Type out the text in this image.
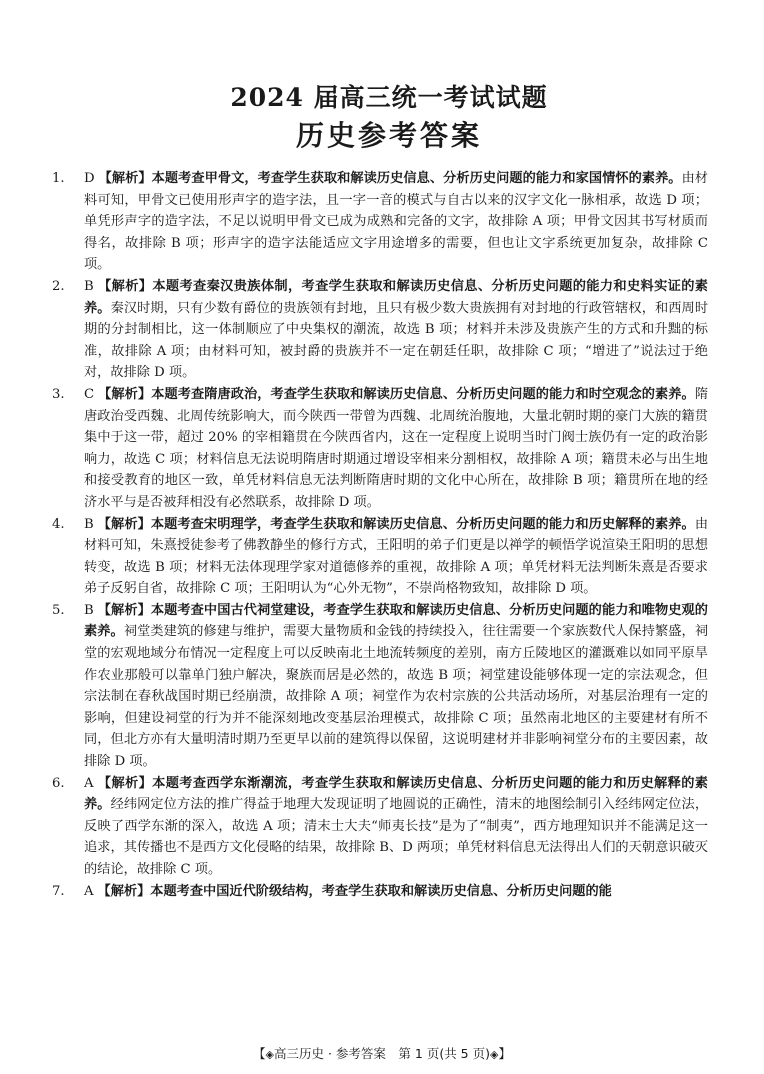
2024 届高三统一考试试题
历史参考答案

1. D 【解析】本题考查甲骨文，考查学生获取和解读历史信息、分析历史问题的能力和家国情怀的素养。由材料可知，甲骨文已使用形声字的造字法，且一字一音的模式与自古以来的汉字文化一脉相承，故选 D 项；单凭形声字的造字法，不足以说明甲骨文已成为成熟和完备的文字，故排除 A 项；甲骨文因其书写材质而得名，故排除 B 项；形声字的造字法能适应文字用途增多的需要，但也让文字系统更加复杂，故排除 C 项。

2. B 【解析】本题考查秦汉贵族体制，考查学生获取和解读历史信息、分析历史问题的能力和史料实证的素养。秦汉时期，只有少数有爵位的贵族领有封地，且只有极少数大贵族拥有对封地的行政管辖权，和西周时期的分封制相比，这一体制顺应了中央集权的潮流，故选 B 项；材料并未涉及贵族产生的方式和升黜的标准，故排除 A 项；由材料可知，被封爵的贵族并不一定在朝廷任职，故排除 C 项；“增进了”说法过于绝对，故排除 D 项。

3. C 【解析】本题考查隋唐政治，考查学生获取和解读历史信息、分析历史问题的能力和时空观念的素养。隋唐政治受西魏、北周传统影响大，而今陕西一带曾为西魏、北周统治腹地，大量北朝时期的豪门大族的籍贯集中于这一带，超过 20% 的宰相籍贯在今陕西省内，这在一定程度上说明当时门阀士族仍有一定的政治影响力，故选 C 项；材料信息无法说明隋唐时期通过增设宰相来分割相权，故排除 A 项；籍贯未必与出生地和接受教育的地区一致，单凭材料信息无法判断隋唐时期的文化中心所在，故排除 B 项；籍贯所在地的经济水平与是否被拜相没有必然联系，故排除 D 项。

4. B 【解析】本题考查宋明理学，考查学生获取和解读历史信息、分析历史问题的能力和历史解释的素养。由材料可知，朱熹授徒参考了佛教静坐的修行方式，王阳明的弟子们更是以禅学的顿悟学说渲染王阳明的思想转变，故选 B 项；材料无法体现理学家对道德修养的重视，故排除 A 项；单凭材料无法判断朱熹是否要求弟子反躬自省，故排除 C 项；王阳明认为“心外无物”，不崇尚格物致知，故排除 D 项。

5. B 【解析】本题考查中国古代祠堂建设，考查学生获取和解读历史信息、分析历史问题的能力和唯物史观的素养。祠堂类建筑的修建与维护，需要大量物质和金钱的持续投入，往往需要一个家族数代人保持繁盛，祠堂的宏观地域分布情况一定程度上可以反映南北土地流转频度的差别，南方丘陵地区的灌溉难以如同平原旱作农业那般可以靠单门独户解决，聚族而居是必然的，故选 B 项；祠堂建设能够体现一定的宗法观念，但宗法制在春秋战国时期已经崩溃，故排除 A 项；祠堂作为农村宗族的公共活动场所，对基层治理有一定的影响，但建设祠堂的行为并不能深刻地改变基层治理模式，故排除 C 项；虽然南北地区的主要建材有所不同，但北方亦有大量明清时期乃至更早以前的建筑得以保留，这说明建材并非影响祠堂分布的主要因素，故排除 D 项。

6. A 【解析】本题考查西学东渐潮流，考查学生获取和解读历史信息、分析历史问题的能力和历史解释的素养。经纬网定位方法的推广得益于地理大发现证明了地圆说的正确性，清末的地图绘制引入经纬网定位法，反映了西学东渐的深入，故选 A 项；清末士大夫“师夷长技”是为了“制夷”，西方地理知识并不能满足这一追求，其传播也不是西方文化侵略的结果，故排除 B、D 两项；单凭材料信息无法得出人们的天朝意识破灭的结论，故排除 C 项。

7. A 【解析】本题考查中国近代阶级结构，考查学生获取和解读历史信息、分析历史问题的能

【◈高三历史 · 参考答案　第 1 页(共 5 页)◈】
